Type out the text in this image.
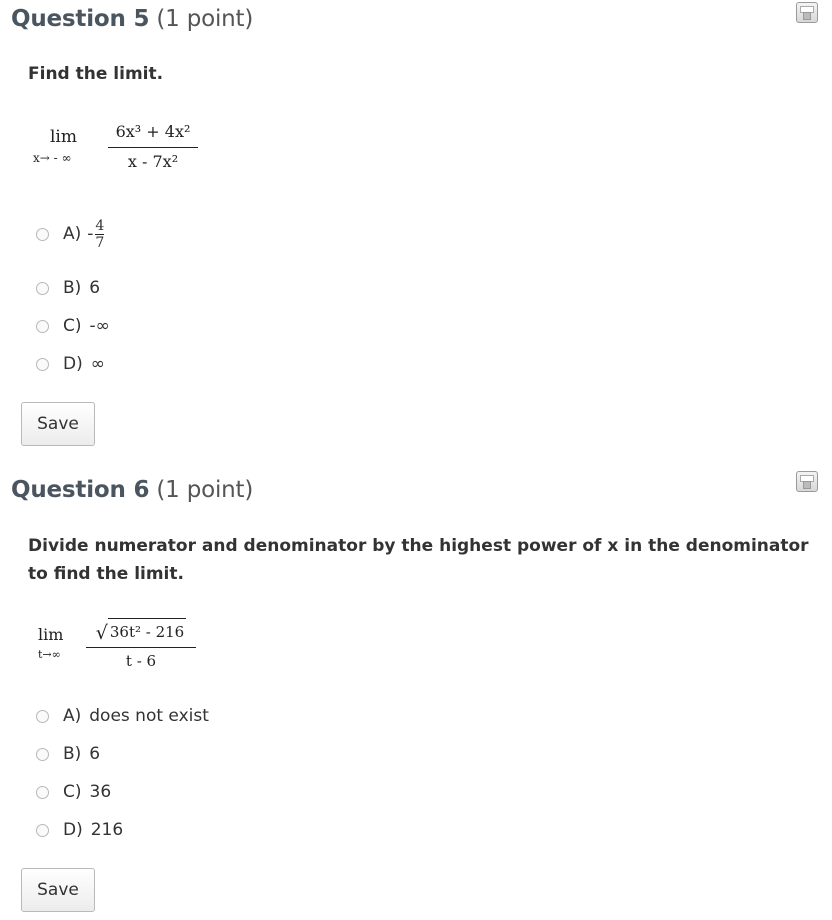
Question 5 (1 point)
Find the limit.
lim
x→ - ∞
6x³ + 4x²
x - 7x²
$A) - \frac{4}{7}$
B) 6
C) -∞
D) ∞
Save
Question 6 (1 point)
Divide numerator and denominator by the highest power of x in the denominator to find the limit.
lim
t→∞
√ 36t² - 216
t - 6
A) does not exist
B) 6
C) 36
D) 216
Save
